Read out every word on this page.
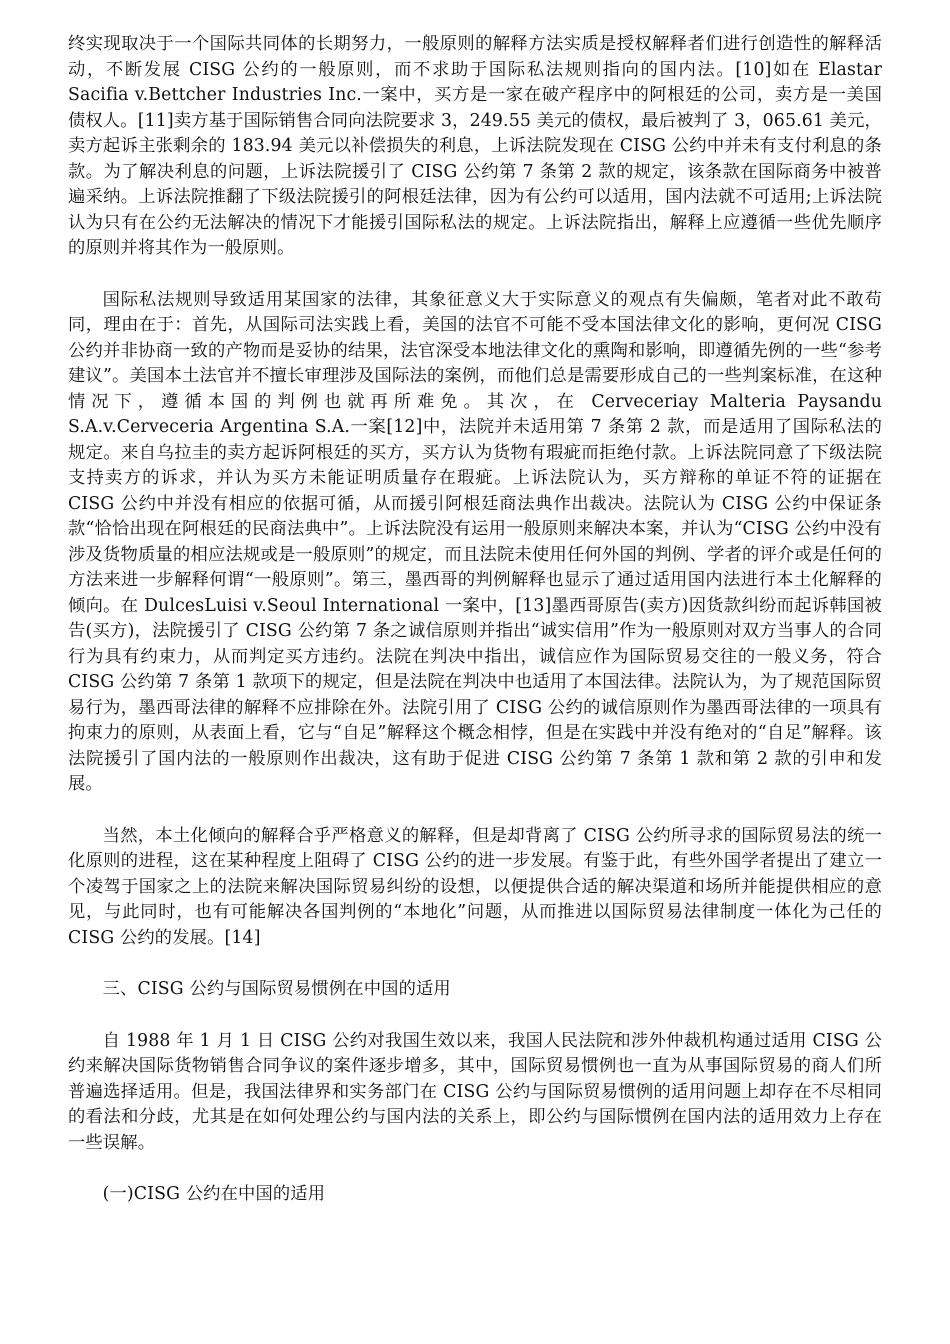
终实现取决于一个国际共同体的长期努力，一般原则的解释方法实质是授权解释者们进行创造性的解释活动，不断发展 CISG 公约的一般原则，而不求助于国际私法规则指向的国内法。[10]如在 Elastar Sacifia v.Bettcher Industries Inc.一案中，买方是一家在破产程序中的阿根廷的公司，卖方是一美国债权人。[11]卖方基于国际销售合同向法院要求 3，249.55 美元的债权，最后被判了 3，065.61 美元，卖方起诉主张剩余的 183.94 美元以补偿损失的利息，上诉法院发现在 CISG 公约中并未有支付利息的条款。为了解决利息的问题，上诉法院援引了 CISG 公约第 7 条第 2 款的规定，该条款在国际商务中被普遍采纳。上诉法院推翻了下级法院援引的阿根廷法律，因为有公约可以适用，国内法就不可适用;上诉法院认为只有在公约无法解决的情况下才能援引国际私法的规定。上诉法院指出，解释上应遵循一些优先顺序的原则并将其作为一般原则。

国际私法规则导致适用某国家的法律，其象征意义大于实际意义的观点有失偏颇，笔者对此不敢苟同，理由在于：首先，从国际司法实践上看，美国的法官不可能不受本国法律文化的影响，更何况 CISG 公约并非协商一致的产物而是妥协的结果，法官深受本地法律文化的熏陶和影响，即遵循先例的一些“参考建议”。美国本土法官并不擅长审理涉及国际法的案例，而他们总是需要形成自己的一些判案标准，在这种情况下，遵循本国的判例也就再所难免。其次，在 Cerveceriay Malteria Paysandu S.A.v.Cerveceria Argentina S.A.一案[12]中，法院并未适用第 7 条第 2 款，而是适用了国际私法的规定。来自乌拉圭的卖方起诉阿根廷的买方，买方认为货物有瑕疵而拒绝付款。上诉法院同意了下级法院支持卖方的诉求，并认为买方未能证明质量存在瑕疵。上诉法院认为，买方辩称的单证不符的证据在 CISG 公约中并没有相应的依据可循，从而援引阿根廷商法典作出裁决。法院认为 CISG 公约中保证条款“恰恰出现在阿根廷的民商法典中”。上诉法院没有运用一般原则来解决本案，并认为“CISG 公约中没有涉及货物质量的相应法规或是一般原则”的规定，而且法院未使用任何外国的判例、学者的评介或是任何的方法来进一步解释何谓“一般原则”。第三，墨西哥的判例解释也显示了通过适用国内法进行本土化解释的倾向。在 DulcesLuisi v.Seoul International 一案中，[13]墨西哥原告(卖方)因货款纠纷而起诉韩国被告(买方)，法院援引了 CISG 公约第 7 条之诚信原则并指出“诚实信用”作为一般原则对双方当事人的合同行为具有约束力，从而判定买方违约。法院在判决中指出，诚信应作为国际贸易交往的一般义务，符合 CISG 公约第 7 条第 1 款项下的规定，但是法院在判决中也适用了本国法律。法院认为，为了规范国际贸易行为，墨西哥法律的解释不应排除在外。法院引用了 CISG 公约的诚信原则作为墨西哥法律的一项具有拘束力的原则，从表面上看，它与“自足”解释这个概念相悖，但是在实践中并没有绝对的“自足”解释。该法院援引了国内法的一般原则作出裁决，这有助于促进 CISG 公约第 7 条第 1 款和第 2 款的引申和发展。

当然，本土化倾向的解释合乎严格意义的解释，但是却背离了 CISG 公约所寻求的国际贸易法的统一化原则的进程，这在某种程度上阻碍了 CISG 公约的进一步发展。有鉴于此，有些外国学者提出了建立一个凌驾于国家之上的法院来解决国际贸易纠纷的设想，以便提供合适的解决渠道和场所并能提供相应的意见，与此同时，也有可能解决各国判例的“本地化”问题，从而推进以国际贸易法律制度一体化为己任的 CISG 公约的发展。[14]

三、CISG 公约与国际贸易惯例在中国的适用

自 1988 年 1 月 1 日 CISG 公约对我国生效以来，我国人民法院和涉外仲裁机构通过适用 CISG 公约来解决国际货物销售合同争议的案件逐步增多，其中，国际贸易惯例也一直为从事国际贸易的商人们所普遍选择适用。但是，我国法律界和实务部门在 CISG 公约与国际贸易惯例的适用问题上却存在不尽相同的看法和分歧，尤其是在如何处理公约与国内法的关系上，即公约与国际惯例在国内法的适用效力上存在一些误解。

(一)CISG 公约在中国的适用
